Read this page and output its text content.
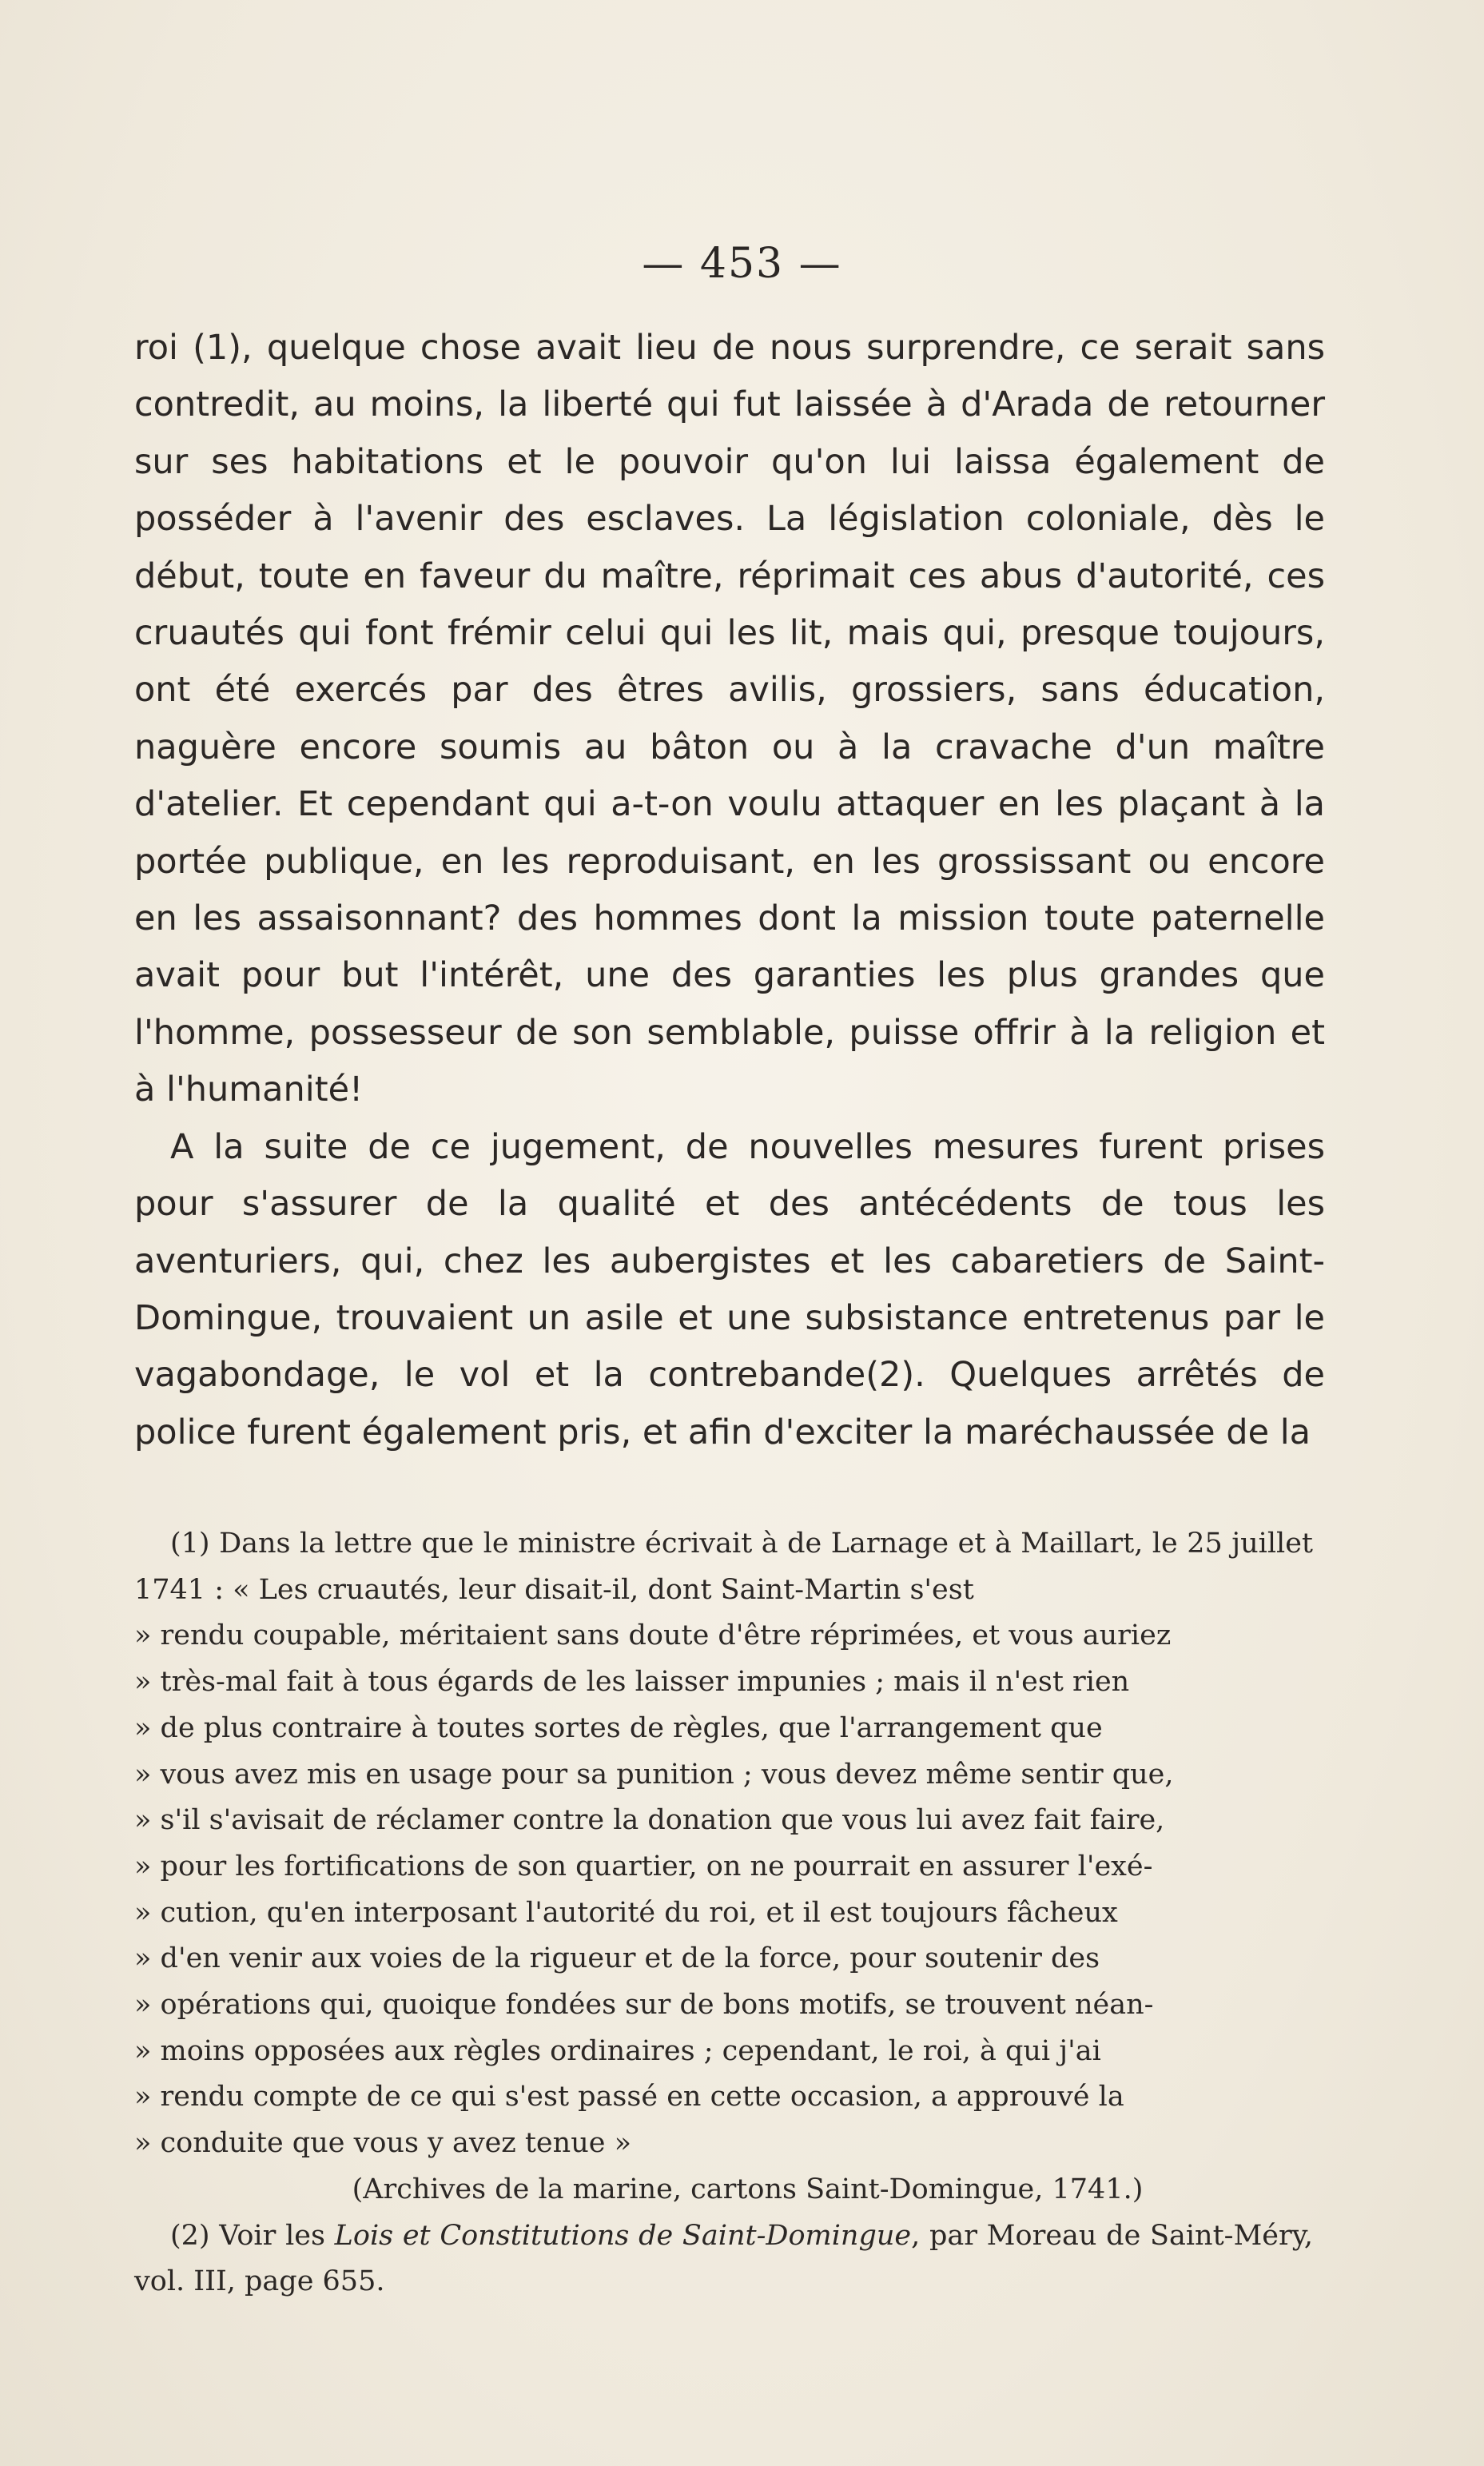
— 453 —

roi (1), quelque chose avait lieu de nous surprendre, ce serait sans contredit, au moins, la liberté qui fut laissée à d'Arada de retourner sur ses habitations et le pouvoir qu'on lui laissa également de posséder à l'avenir des esclaves. La législation coloniale, dès le début, toute en faveur du maître, réprimait ces abus d'autorité, ces cruautés qui font frémir celui qui les lit, mais qui, presque toujours, ont été exercés par des êtres avilis, grossiers, sans éducation, naguère encore soumis au bâton ou à la cravache d'un maître d'atelier. Et cependant qui a-t-on voulu attaquer en les plaçant à la portée publique, en les reproduisant, en les grossissant ou encore en les assaisonnant? des hommes dont la mission toute paternelle avait pour but l'intérêt, une des garanties les plus grandes que l'homme, possesseur de son semblable, puisse offrir à la religion et à l'humanité!

A la suite de ce jugement, de nouvelles mesures furent prises pour s'assurer de la qualité et des antécédents de tous les aventuriers, qui, chez les aubergistes et les cabaretiers de Saint-Domingue, trouvaient un asile et une subsistance entretenus par le vagabondage, le vol et la contrebande(2). Quelques arrêtés de police furent également pris, et afin d'exciter la maréchaussée de la

(1) Dans la lettre que le ministre écrivait à de Larnage et à Maillart, le 25 juillet 1741 : « Les cruautés, leur disait-il, dont Saint-Martin s'est

» rendu coupable, méritaient sans doute d'être réprimées, et vous auriez
» très-mal fait à tous égards de les laisser impunies ; mais il n'est rien
» de plus contraire à toutes sortes de règles, que l'arrangement que
» vous avez mis en usage pour sa punition ; vous devez même sentir que,
» s'il s'avisait de réclamer contre la donation que vous lui avez fait faire,
» pour les fortifications de son quartier, on ne pourrait en assurer l'exé-
» cution, qu'en interposant l'autorité du roi, et il est toujours fâcheux
» d'en venir aux voies de la rigueur et de la force, pour soutenir des
» opérations qui, quoique fondées sur de bons motifs, se trouvent néan-
» moins opposées aux règles ordinaires ; cependant, le roi, à qui j'ai
» rendu compte de ce qui s'est passé en cette occasion, a approuvé la
» conduite que vous y avez tenue »

(Archives de la marine, cartons Saint-Domingue, 1741.)

(2) Voir les Lois et Constitutions de Saint-Domingue, par Moreau de Saint-Méry, vol. III, page 655.
